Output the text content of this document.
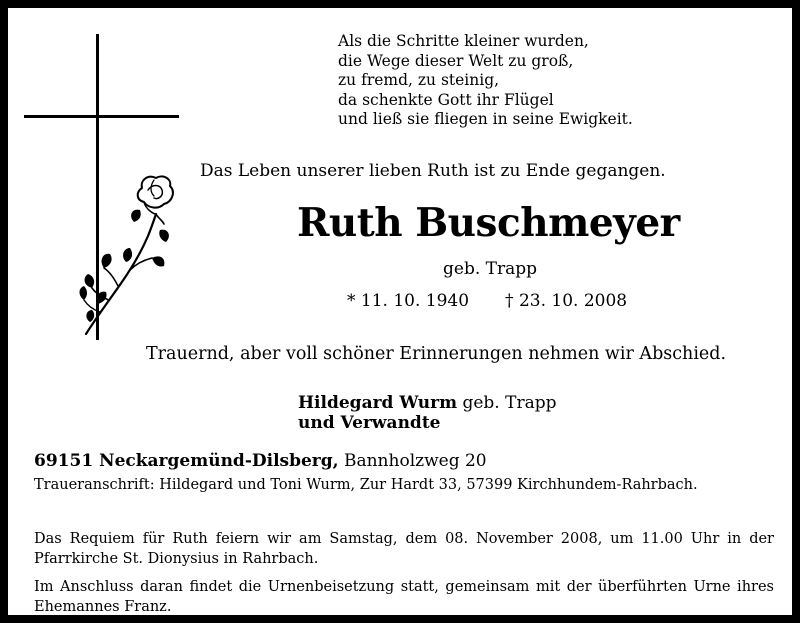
Als die Schritte kleiner wurden,
die Wege dieser Welt zu groß,
zu fremd, zu steinig,
da schenkte Gott ihr Flügel
und ließ sie fliegen in seine Ewigkeit.

Das Leben unserer lieben Ruth ist zu Ende gegangen.

Ruth Buschmeyer

geb. Trapp

* 11. 10. 1940 † 23. 10. 2008

Trauernd, aber voll schöner Erinnerungen nehmen wir Abschied.

Hildegard Wurm geb. Trapp

und Verwandte

69151 Neckargemünd-Dilsberg, Bannholzweg 20

Traueranschrift: Hildegard und Toni Wurm, Zur Hardt 33, 57399 Kirchhundem-Rahrbach.

Das Requiem für Ruth feiern wir am Samstag, dem 08. November 2008, um 11.00 Uhr in der Pfarrkirche St. Dionysius in Rahrbach.

Im Anschluss daran findet die Urnenbeisetzung statt, gemeinsam mit der überführten Urne ihres Ehemannes Franz.
